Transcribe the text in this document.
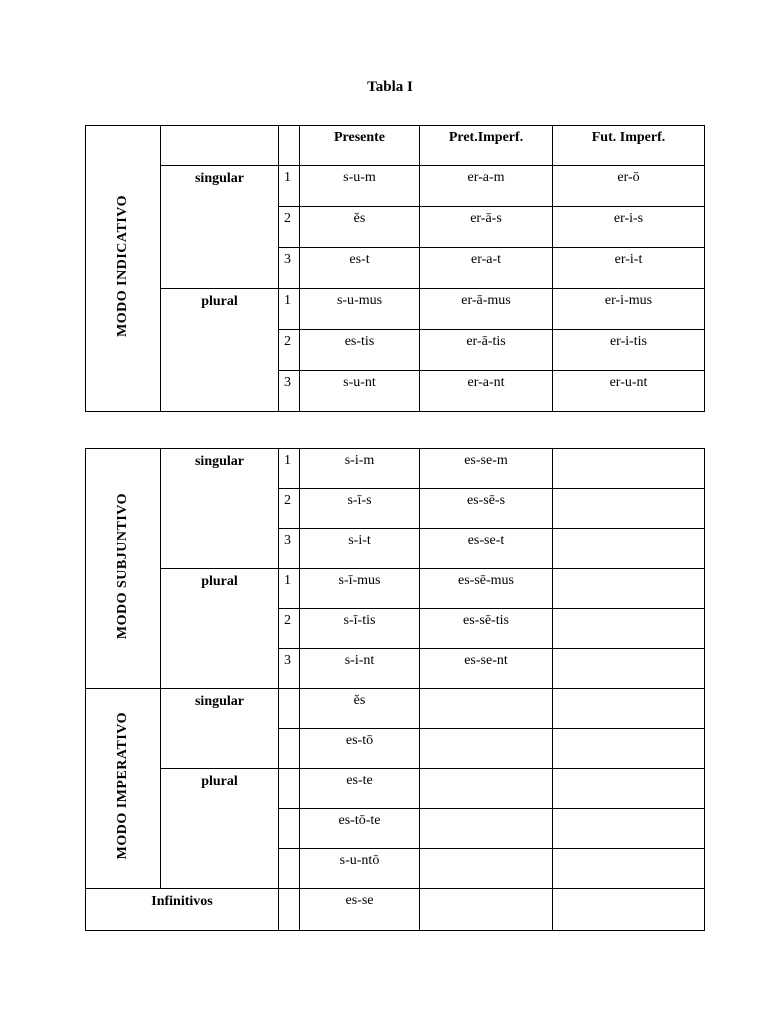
Tabla I
MODO INDICATIVO			Presente	Pret.Imperf.	Fut. Imperf.
	singular	1	s-u-m	er-a-m	er-ō
		2	ĕs	er-ā-s	er-i-s
		3	es-t	er-a-t	er-i-t
	plural	1	s-u-mus	er-ā-mus	er-i-mus
		2	es-tis	er-ā-tis	er-i-tis
		3	s-u-nt	er-a-nt	er-u-nt
MODO SUBJUNTIVO	singular	1	s-i-m	es-se-m	
		2	s-ī-s	es-sē-s	
		3	s-i-t	es-se-t	
	plural	1	s-ī-mus	es-sē-mus	
		2	s-ī-tis	es-sē-tis	
		3	s-i-nt	es-se-nt	
MODO IMPERATIVO	singular		ĕs		
			es-tō		
	plural		es-te		
			es-tō-te		
			s-u-ntō		
Infinitivos			es-se		
